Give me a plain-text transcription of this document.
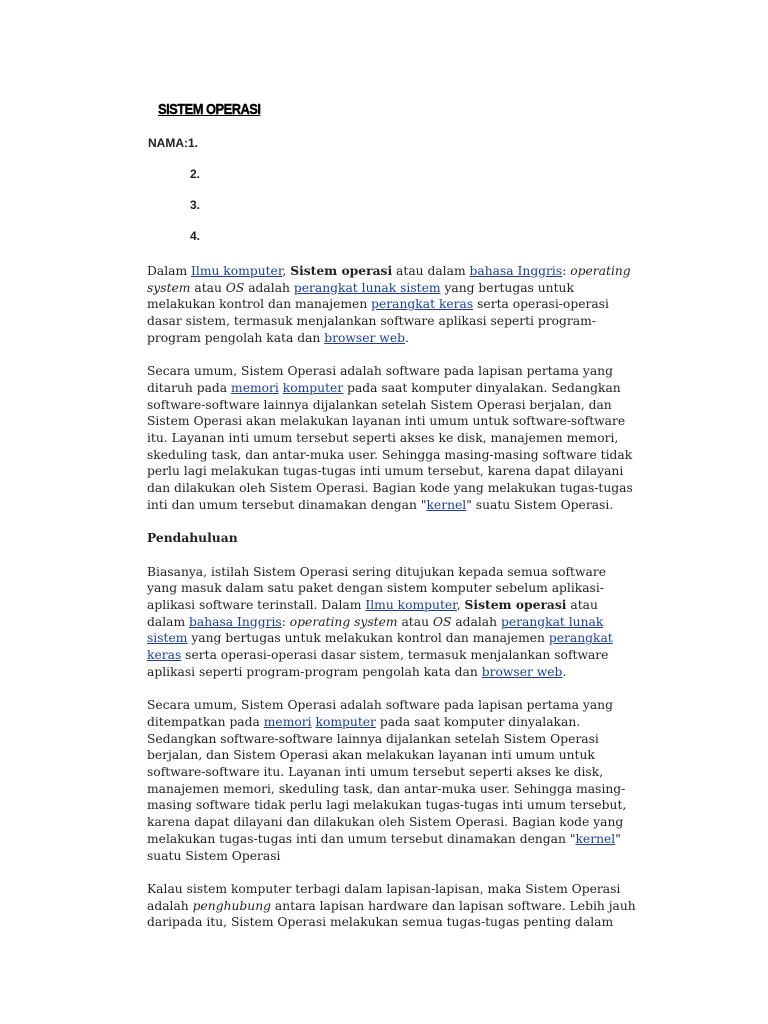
SISTEM OPERASI
NAMA:1.
2.
3.
4.

Dalam Ilmu komputer, Sistem operasi atau dalam bahasa Inggris: operating system atau OS adalah perangkat lunak sistem yang bertugas untuk melakukan kontrol dan manajemen perangkat keras serta operasi-operasi dasar sistem, termasuk menjalankan software aplikasi seperti program-program pengolah kata dan browser web.

Secara umum, Sistem Operasi adalah software pada lapisan pertama yang ditaruh pada memori komputer pada saat komputer dinyalakan. Sedangkan software-software lainnya dijalankan setelah Sistem Operasi berjalan, dan Sistem Operasi akan melakukan layanan inti umum untuk software-software itu. Layanan inti umum tersebut seperti akses ke disk, manajemen memori, skeduling task, dan antar-muka user. Sehingga masing-masing software tidak perlu lagi melakukan tugas-tugas inti umum tersebut, karena dapat dilayani dan dilakukan oleh Sistem Operasi. Bagian kode yang melakukan tugas-tugas inti dan umum tersebut dinamakan dengan "kernel" suatu Sistem Operasi.

Pendahuluan

Biasanya, istilah Sistem Operasi sering ditujukan kepada semua software yang masuk dalam satu paket dengan sistem komputer sebelum aplikasi-aplikasi software terinstall. Dalam Ilmu komputer, Sistem operasi atau dalam bahasa Inggris: operating system atau OS adalah perangkat lunak sistem yang bertugas untuk melakukan kontrol dan manajemen perangkat keras serta operasi-operasi dasar sistem, termasuk menjalankan software aplikasi seperti program-program pengolah kata dan browser web.

Secara umum, Sistem Operasi adalah software pada lapisan pertama yang ditempatkan pada memori komputer pada saat komputer dinyalakan. Sedangkan software-software lainnya dijalankan setelah Sistem Operasi berjalan, dan Sistem Operasi akan melakukan layanan inti umum untuk software-software itu. Layanan inti umum tersebut seperti akses ke disk, manajemen memori, skeduling task, dan antar-muka user. Sehingga masing-masing software tidak perlu lagi melakukan tugas-tugas inti umum tersebut, karena dapat dilayani dan dilakukan oleh Sistem Operasi. Bagian kode yang melakukan tugas-tugas inti dan umum tersebut dinamakan dengan "kernel" suatu Sistem Operasi

Kalau sistem komputer terbagi dalam lapisan-lapisan, maka Sistem Operasi adalah penghubung antara lapisan hardware dan lapisan software. Lebih jauh daripada itu, Sistem Operasi melakukan semua tugas-tugas penting dalam
